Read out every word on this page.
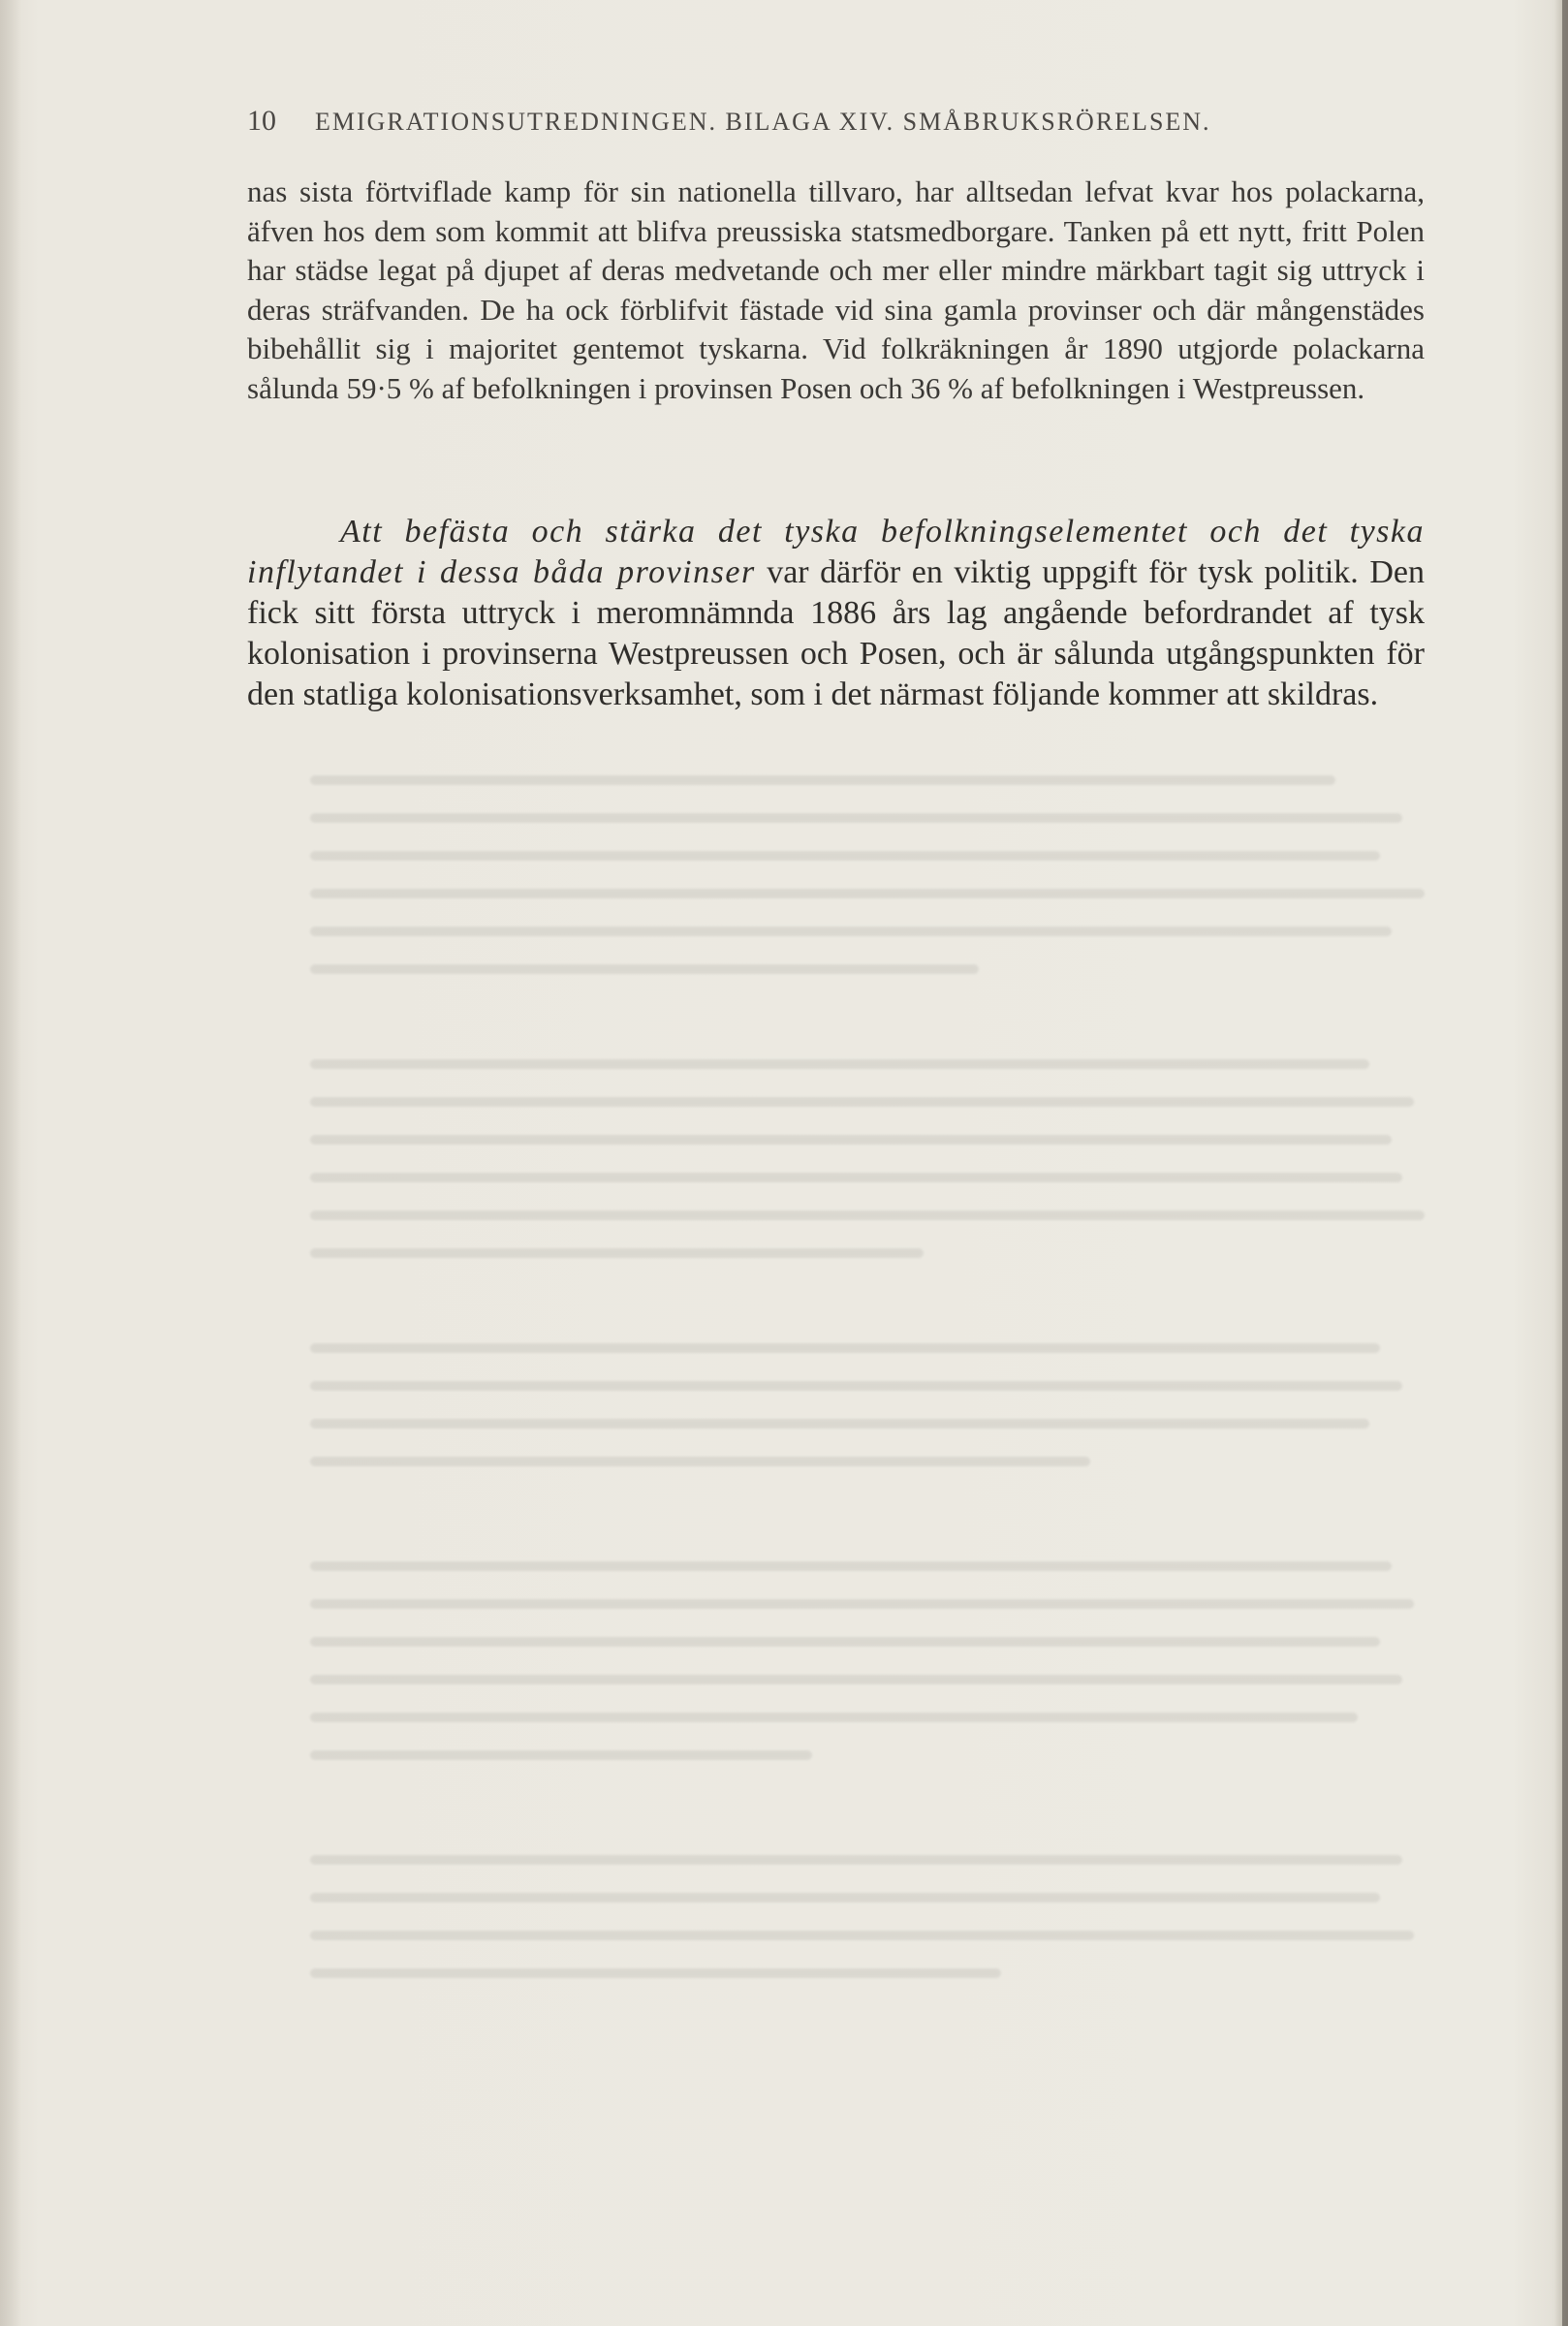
10 EMIGRATIONSUTREDNINGEN. BILAGA XIV. SMÅBRUKSRÖRELSEN.

nas sista förtviflade kamp för sin nationella tillvaro, har alltsedan lefvat kvar hos polackarna, äfven hos dem som kommit att blifva preussiska statsmedborgare. Tanken på ett nytt, fritt Polen har städse legat på djupet af deras medvetande och mer eller mindre märkbart tagit sig uttryck i deras sträfvanden. De ha ock förblifvit fästade vid sina gamla provinser och där mångenstädes bibehållit sig i majoritet gentemot tyskarna. Vid folkräkningen år 1890 utgjorde polackarna sålunda 59·5 % af befolkningen i provinsen Posen och 36 % af befolkningen i Westpreussen.

Att befästa och stärka det tyska befolkningselementet och det tyska inflytandet i dessa båda provinser var därför en viktig uppgift för tysk politik. Den fick sitt första uttryck i meromnämnda 1886 års lag angående befordrandet af tysk kolonisation i provinserna Westpreussen och Posen, och är sålunda utgångspunkten för den statliga kolonisationsverksamhet, som i det närmast följande kommer att skildras.
